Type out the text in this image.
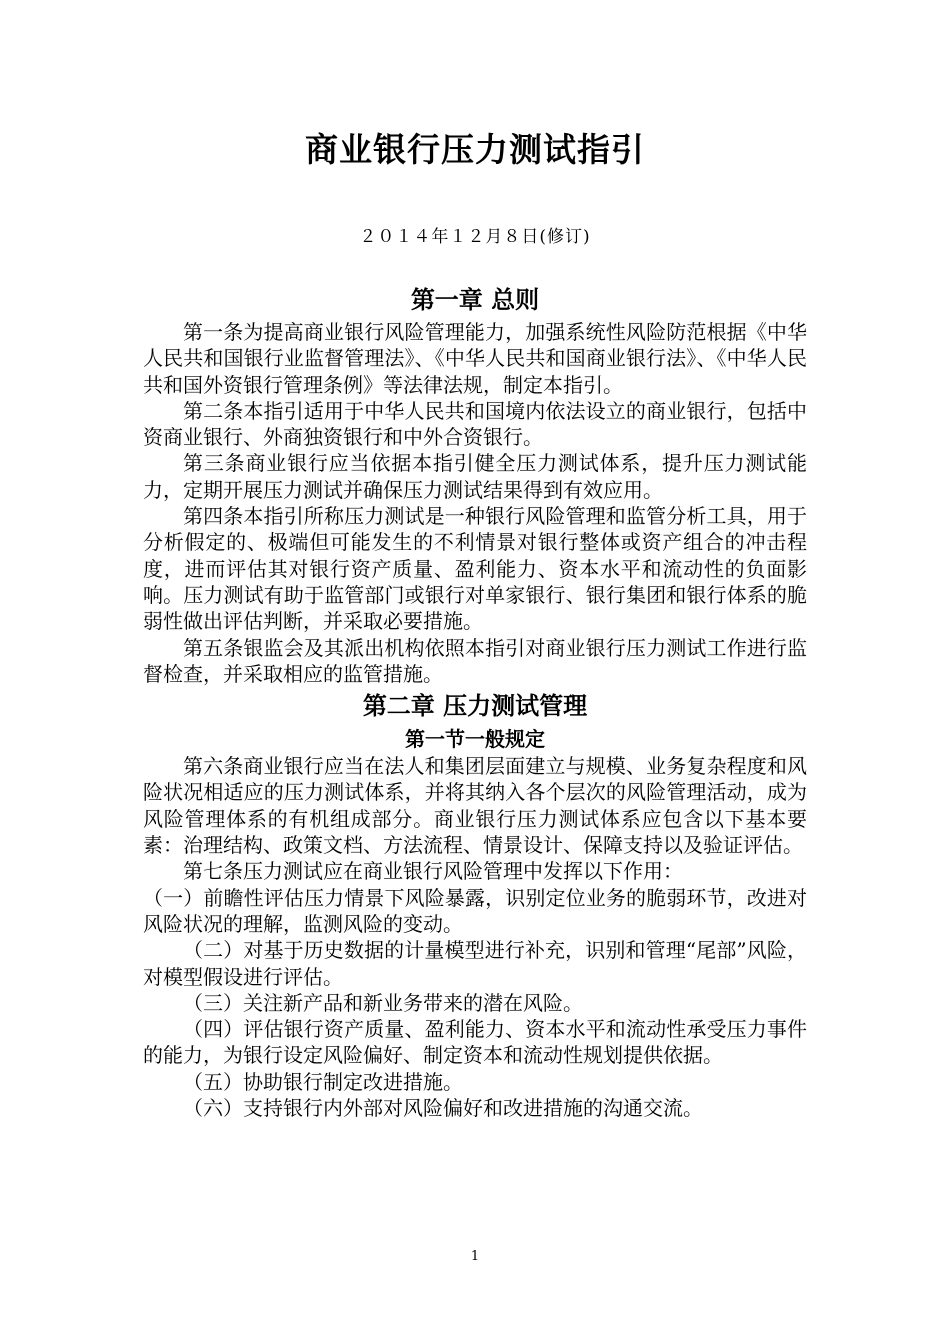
商业银行压力测试指引
２０１４年１２月８日(修订)
第一章 总则

第一条为提高商业银行风险管理能力，加强系统性风险防范根据《中华人民共和国银行业监督管理法》、《中华人民共和国商业银行法》、《中华人民共和国外资银行管理条例》等法律法规，制定本指引。

第二条本指引适用于中华人民共和国境内依法设立的商业银行，包括中资商业银行、外商独资银行和中外合资银行。

第三条商业银行应当依据本指引健全压力测试体系，提升压力测试能力，定期开展压力测试并确保压力测试结果得到有效应用。

第四条本指引所称压力测试是一种银行风险管理和监管分析工具，用于分析假定的、极端但可能发生的不利情景对银行整体或资产组合的冲击程度，进而评估其对银行资产质量、盈利能力、资本水平和流动性的负面影响。压力测试有助于监管部门或银行对单家银行、银行集团和银行体系的脆弱性做出评估判断，并采取必要措施。

第五条银监会及其派出机构依照本指引对商业银行压力测试工作进行监督检查，并采取相应的监管措施。

第二章 压力测试管理
第一节一般规定

第六条商业银行应当在法人和集团层面建立与规模、业务复杂程度和风险状况相适应的压力测试体系，并将其纳入各个层次的风险管理活动，成为风险管理体系的有机组成部分。商业银行压力测试体系应包含以下基本要素：治理结构、政策文档、方法流程、情景设计、保障支持以及验证评估。

第七条压力测试应在商业银行风险管理中发挥以下作用：

（一）前瞻性评估压力情景下风险暴露，识别定位业务的脆弱环节，改进对风险状况的理解，监测风险的变动。

（二）对基于历史数据的计量模型进行补充，识别和管理“尾部”风险，对模型假设进行评估。

（三）关注新产品和新业务带来的潜在风险。

（四）评估银行资产质量、盈利能力、资本水平和流动性承受压力事件的能力，为银行设定风险偏好、制定资本和流动性规划提供依据。

（五）协助银行制定改进措施。

（六）支持银行内外部对风险偏好和改进措施的沟通交流。

1
